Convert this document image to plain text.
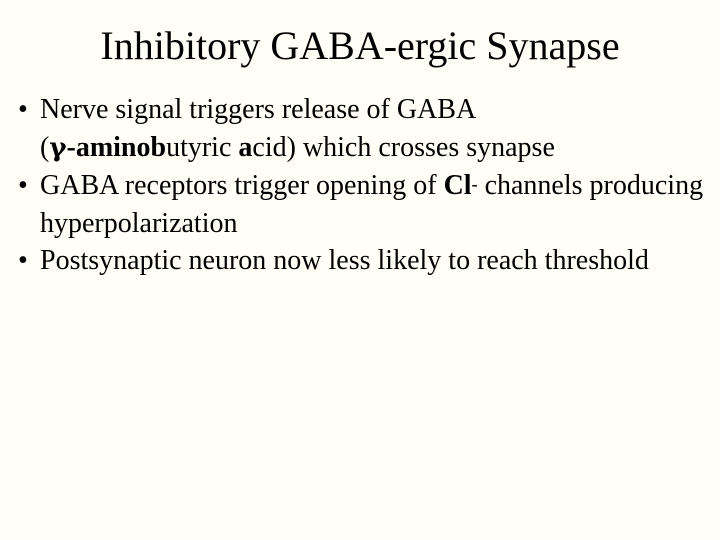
Inhibitory GABA-ergic Synapse
• Nerve signal triggers release of GABA
(γ-aminobutyric acid) which crosses synapse
• GABA receptors trigger opening of Cl- channels producing hyperpolarization
• Postsynaptic neuron now less likely to reach threshold
